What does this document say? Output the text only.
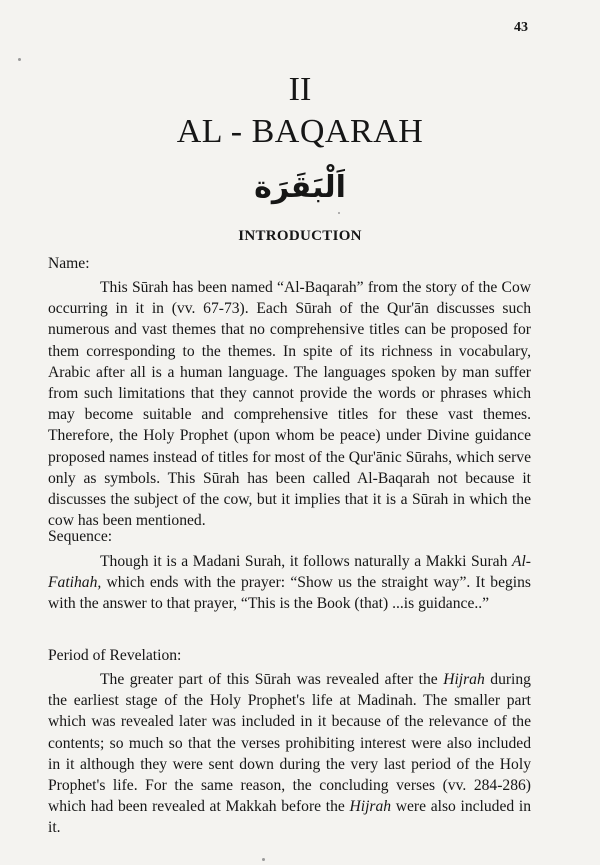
43
II
AL - BAQARAH
اَلْبَقَرَة
INTRODUCTION
Name:

This Sūrah has been named “Al-Baqarah” from the story of the Cow occurring in it in (vv. 67-73). Each Sūrah of the Qur'ān discusses such numerous and vast themes that no comprehensive titles can be proposed for them corresponding to the themes. In spite of its richness in vocabulary, Arabic after all is a human language. The languages spoken by man suffer from such limitations that they cannot provide the words or phrases which may become suitable and comprehensive titles for these vast themes. Therefore, the Holy Prophet (upon whom be peace) under Divine guidance proposed names instead of titles for most of the Qur'ānic Sūrahs, which serve only as symbols. This Sūrah has been called Al-Baqarah not because it discusses the subject of the cow, but it implies that it is a Sūrah in which the cow has been mentioned.

Sequence:

Though it is a Madani Surah, it follows naturally a Makki Surah Al-Fatihah, which ends with the prayer: “Show us the straight way”. It begins with the answer to that prayer, “This is the Book (that) ...is guidance..”

Period of Revelation:

The greater part of this Sūrah was revealed after the Hijrah during the earliest stage of the Holy Prophet's life at Madinah. The smaller part which was revealed later was included in it because of the relevance of the contents; so much so that the verses prohibiting interest were also included in it although they were sent down during the very last period of the Holy Prophet's life. For the same reason, the concluding verses (vv. 284-286) which had been revealed at Makkah before the Hijrah were also included in it.
